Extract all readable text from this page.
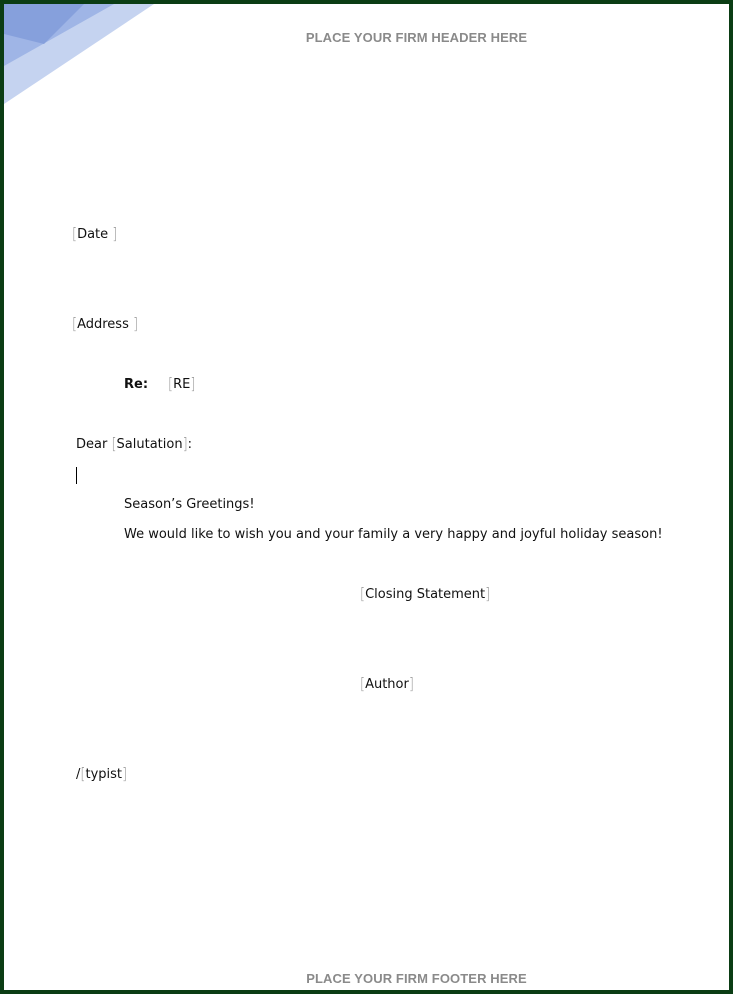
PLACE YOUR FIRM HEADER HERE
[Date ]
[Address ]
Re: [RE]
Dear [Salutation]:
Season’s Greetings!
We would like to wish you and your family a very happy and joyful holiday season!
[Closing Statement]
[Author]
/[typist]
PLACE YOUR FIRM FOOTER HERE
